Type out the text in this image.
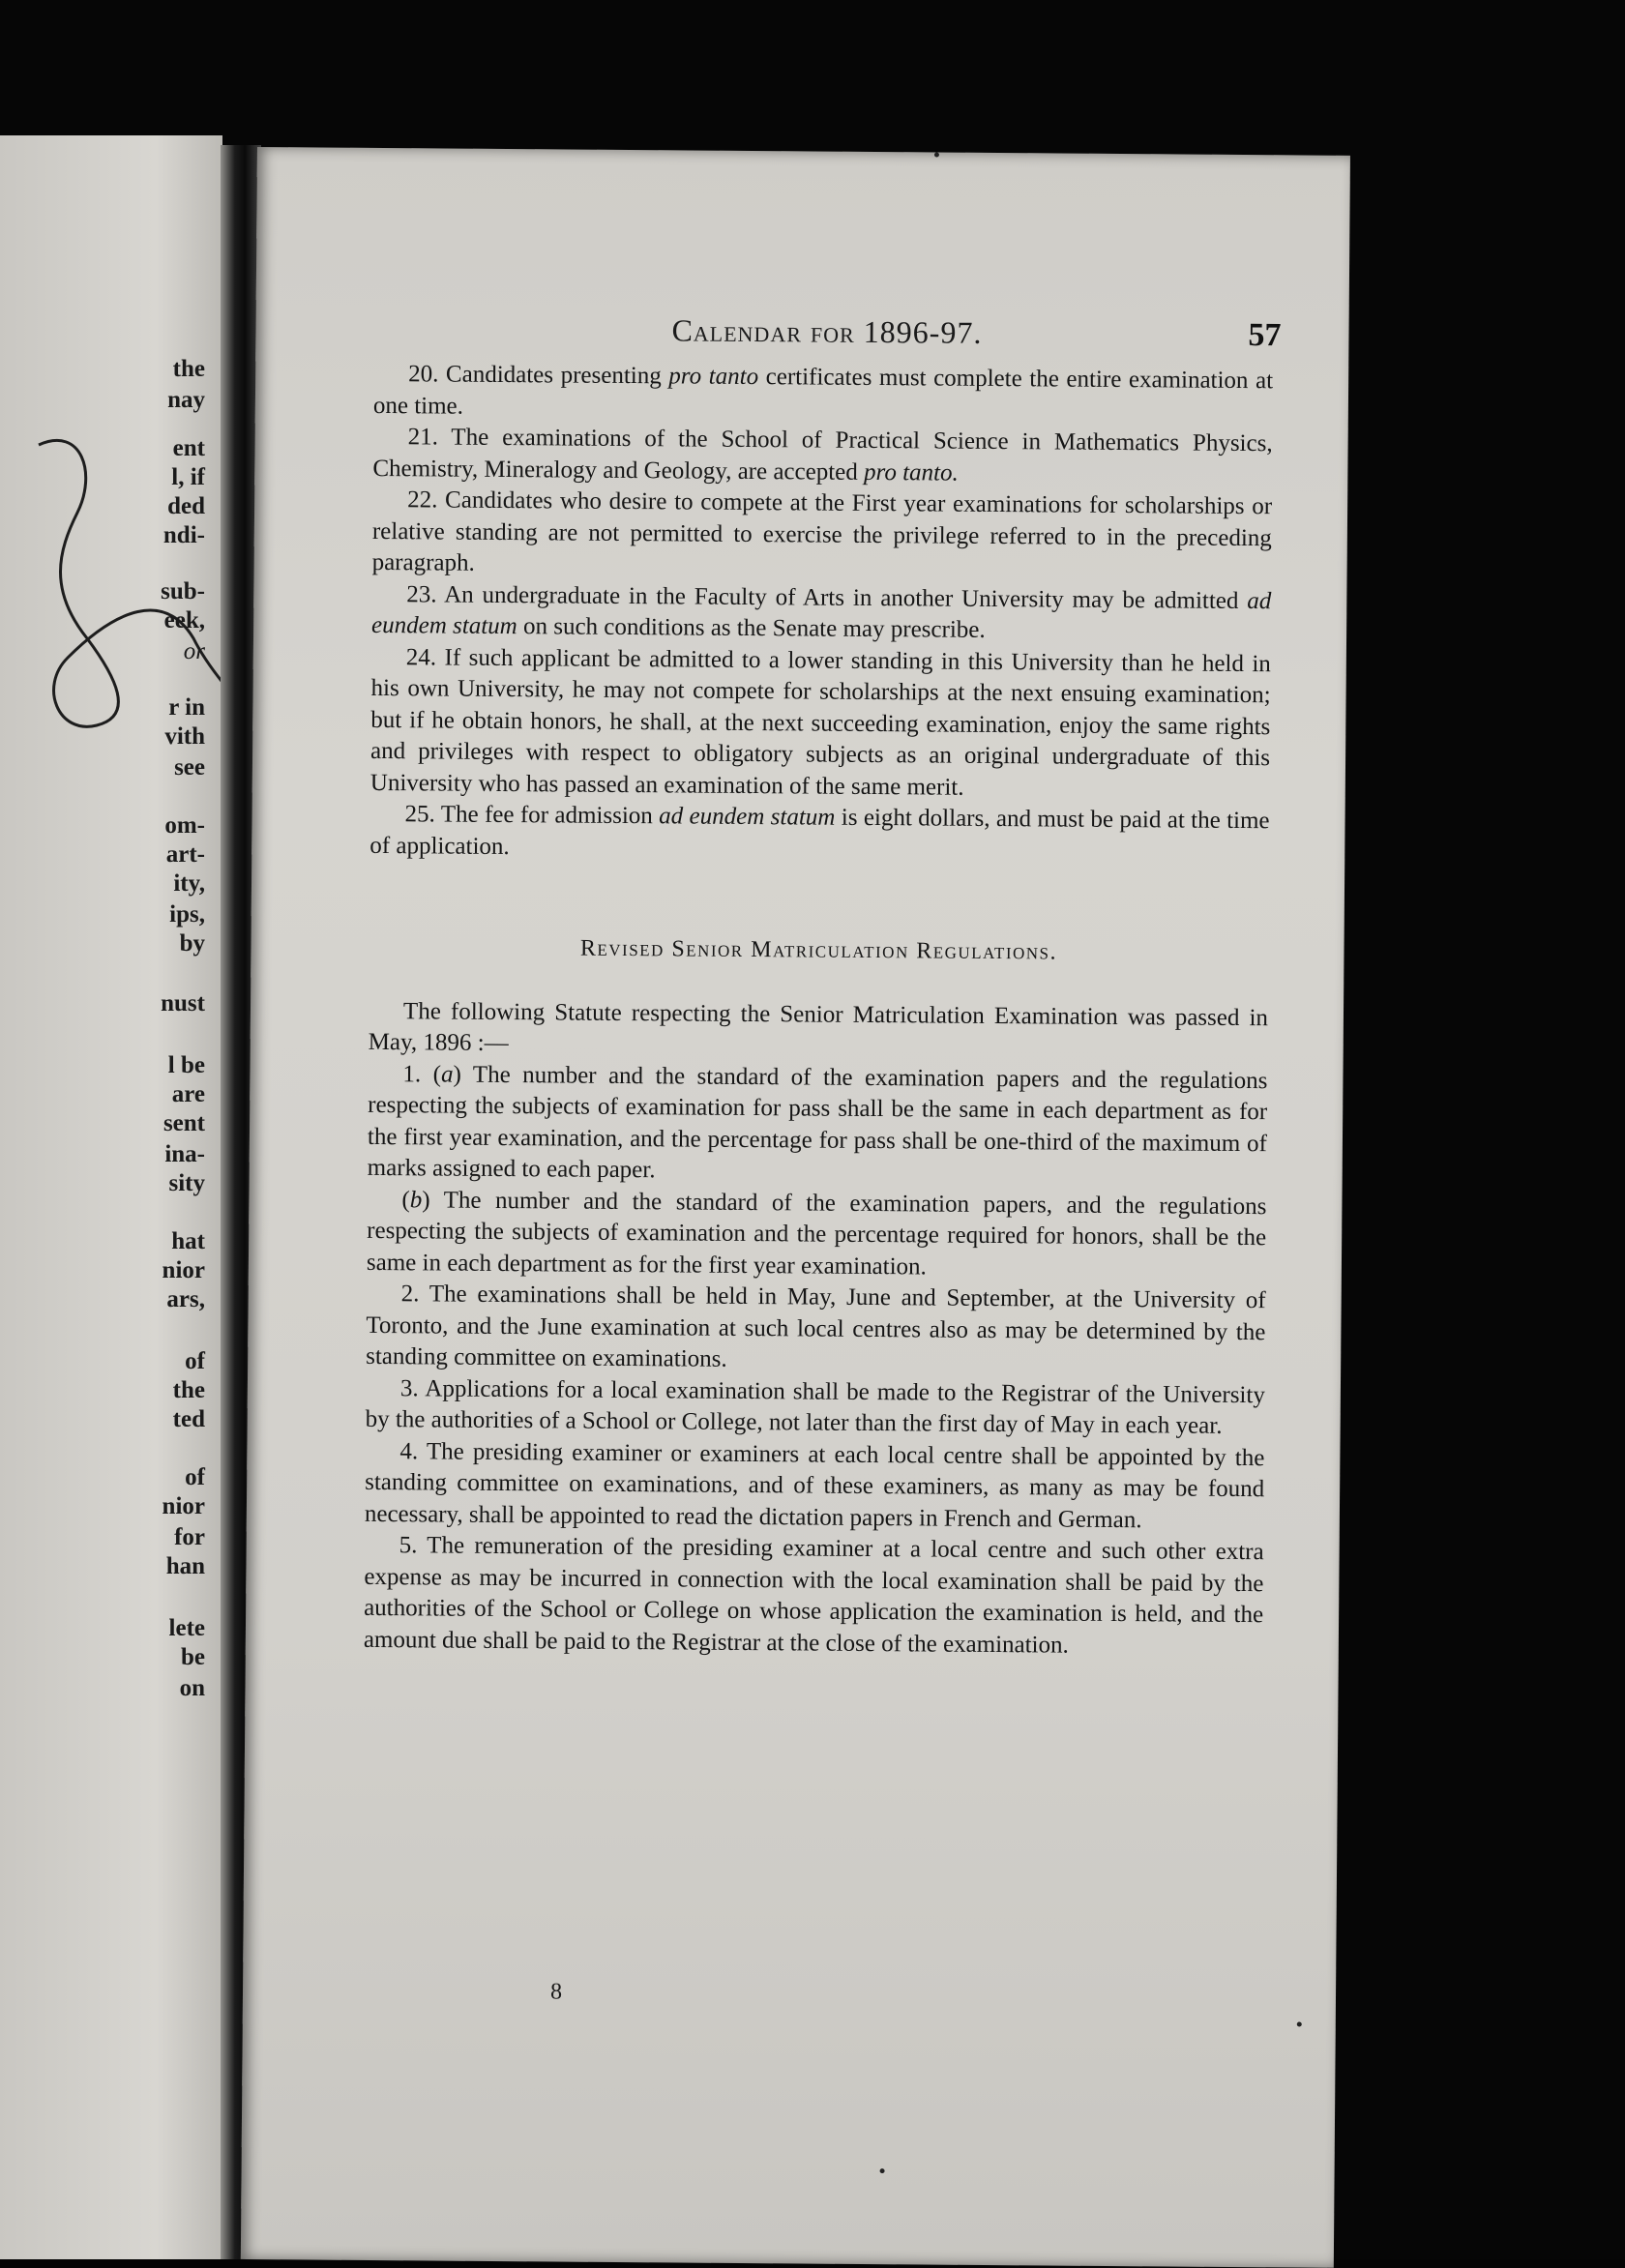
the
nay
ent
l, if
ded
ndi-
sub-
eek,
or
r in
vith
see
om-
art-
ity,
ips,
by
nust
l be
are
sent
ina-
sity
hat
nior
ars,
of
the
ted
of
nior
for
han
lete
be
on
Calendar for 1896-97.	57

20. Candidates presenting pro tanto certificates must complete the entire examination at one time.

21. The examinations of the School of Practical Science in Mathematics Physics, Chemistry, Mineralogy and Geology, are accepted pro tanto.

22. Candidates who desire to compete at the First year examinations for scholarships or relative standing are not permitted to exercise the privilege referred to in the preceding paragraph.

23. An undergraduate in the Faculty of Arts in another University may be admitted ad eundem statum on such conditions as the Senate may prescribe.

24. If such applicant be admitted to a lower standing in this University than he held in his own University, he may not compete for scholarships at the next ensuing examination; but if he obtain honors, he shall, at the next succeeding examination, enjoy the same rights and privileges with respect to obligatory subjects as an original undergraduate of this University who has passed an examination of the same merit.

25. The fee for admission ad eundem statum is eight dollars, and must be paid at the time of application.

Revised Senior Matriculation Regulations.

The following Statute respecting the Senior Matriculation Examination was passed in May, 1896 :—

1. (a) The number and the standard of the examination papers and the regulations respecting the subjects of examination for pass shall be the same in each department as for the first year examination, and the percentage for pass shall be one-third of the maximum of marks assigned to each paper.

(b) The number and the standard of the examination papers, and the regulations respecting the subjects of examination and the percentage required for honors, shall be the same in each department as for the first year examination.

2. The examinations shall be held in May, June and September, at the University of Toronto, and the June examination at such local centres also as may be determined by the standing committee on examinations.

3. Applications for a local examination shall be made to the Registrar of the University by the authorities of a School or College, not later than the first day of May in each year.

4. The presiding examiner or examiners at each local centre shall be appointed by the standing committee on examinations, and of these examiners, as many as may be found necessary, shall be appointed to read the dictation papers in French and German.

5. The remuneration of the presiding examiner at a local centre and such other extra expense as may be incurred in connection with the local examination shall be paid by the authorities of the School or College on whose application the examination is held, and the amount due shall be paid to the Registrar at the close of the examination.

8
